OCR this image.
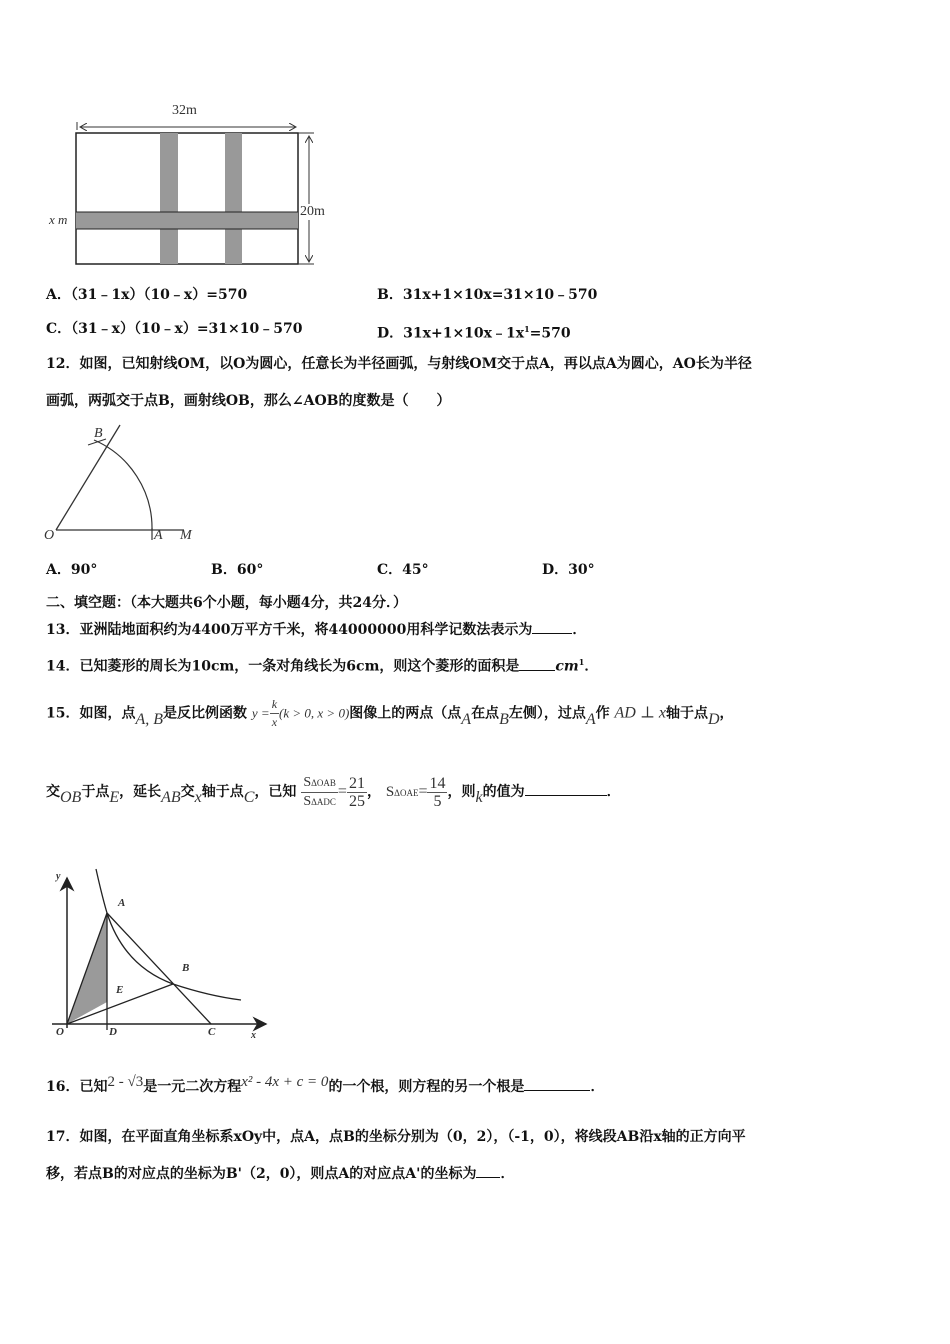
32m
20m
x m
A．（31﹣1x）（10﹣x）=570	B．31x+1×10x=31×10﹣570
C．（31﹣x）（10﹣x）=31×10﹣570	D．$31x+1\times 10x﹣1x^1=570$
12．如图，已知射线OM，以O为圆心，任意长为半径画弧，与射线OM交于点A，再以点A为圆心，AO长为半径
画弧，两弧交于点B，画射线OB，那么∠AOB的度数是（　　）
O	A M
B
A．90°	B．60°	C．45°	D．30°
二、填空题：（本大题共6个小题，每小题4分，共24分．）
13．亚洲陆地面积约为4400万平方千米，将44000000用科学记数法表示为	．
14．已知菱形的周长为10cm，一条对角线长为6cm，则这个菱形的面积是	$cm^1$．
15．如图，点A, B是反比例函数 $y = \frac{k}{x} (k > 0$, x > 0)图像上的两点（点A在点B左侧），过点A作 AD ⊥ x轴于点D，
交OB于点E，延长AB交x轴于点C，已知 $\frac{\text{SΔOAB}}{\text{SΔADC}} = \frac{21}{25}$ ， $S\Delta OAE= \frac{14}{5}$ ，则k的值为	．
y
A
B
E
O	D	C	x
16．已知2 - √3是一元二次方程x² - 4x + c = 0的一个根，则方程的另一个根是	．
17．如图，在平面直角坐标系xOy中，点A，点B的坐标分别为（0，2），（-1，0），将线段AB沿x轴的正方向平
移，若点B的对应点的坐标为B'（2，0），则点A的对应点A'的坐标为 ．
